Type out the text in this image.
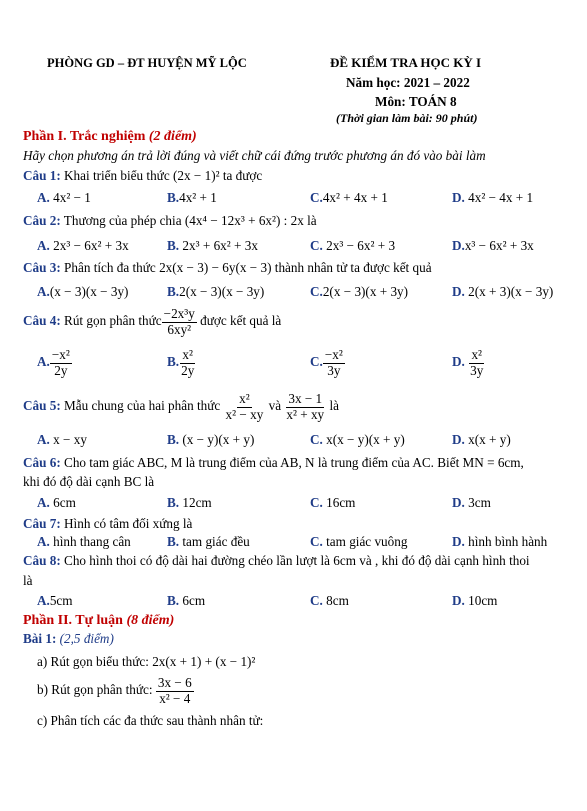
PHÒNG GD – ĐT HUYỆN MỸ LỘC	ĐỀ KIỂM TRA HỌC KỲ I
Năm học: 2021 – 2022
Môn: TOÁN 8
(Thời gian làm bài: 90 phút)
Phần I. Trắc nghiệm (2 điểm)
Hãy chọn phương án trả lời đúng và viết chữ cái đứng trước phương án đó vào bài làm
Câu 1: Khai triển biểu thức (2x − 1)² ta được
A. 4x² − 1	B.4x² + 1	C.4x² + 4x + 1	D. 4x² − 4x + 1
Câu 2: Thương của phép chia (4x⁴ − 12x³ + 6x²) : 2x là
A. 2x³ − 6x² + 3x	B. 2x³ + 6x² + 3x	C. 2x³ − 6x² + 3	D.x³ − 6x² + 3x
Câu 3: Phân tích đa thức 2x(x − 3) − 6y(x − 3) thành nhân tử ta được kết quả
A.(x − 3)(x − 3y)	B.2(x − 3)(x − 3y)	C.2(x − 3)(x + 3y)	D. 2(x + 3)(x − 3y)
Câu 4: Rút gọn phân thức $\frac{\text{−2x³y}}{\text{6xy²}}$ được kết quả là
A. $\frac{\text{−x²}}{2y}$	B. $\frac{\text{x²}}{2y}$	C. $\frac{\text{−x²}}{3y}$	D. $\frac{\text{x²}}{3y}$
Câu 5: Mẫu chung của hai phân thức $\frac{\text{x²}}{\text{x² − xy}}$ và $\frac{3x - 1}{\text{x² + xy}}$ là
A. x − xy	B. (x − y)(x + y)	C. x(x − y)(x + y)	D. x(x + y)
Câu 6: Cho tam giác ABC, M là trung điểm của AB, N là trung điểm của AC. Biết MN = 6cm,
khi đó độ dài cạnh BC là
A. 6cm	B. 12cm	C. 16cm	D. 3cm
Câu 7: Hình có tâm đối xứng là
A. hình thang cân	B. tam giác đều	C. tam giác vuông	D. hình bình hành
Câu 8: Cho hình thoi có độ dài hai đường chéo lần lượt là 6cm và , khi đó độ dài cạnh hình thoi
là
A.5cm	B. 6cm	C. 8cm	D. 10cm
Phần II. Tự luận (8 điểm)
Bài 1: (2,5 điểm)
a) Rút gọn biểu thức: 2x(x + 1) + (x − 1)²
b) Rút gọn phân thức: $\frac{3x - 6}{\text{x² − 4}}$
c) Phân tích các đa thức sau thành nhân tử:
